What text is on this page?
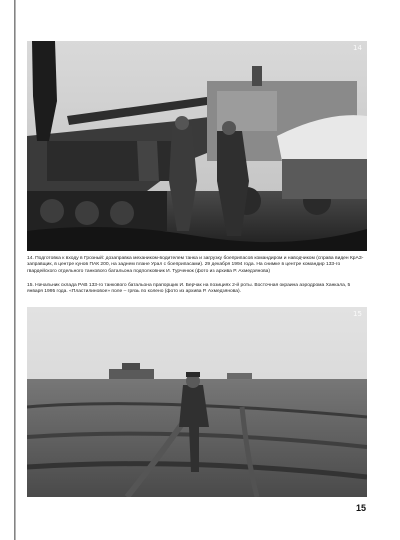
14

14. Подготовка к входу в Грозный: дозаправка механиком-водителем танка и загрузку боеприпасов командиром и наводчиком (справа виден КрАЗ-заправщик, в центре кунов ПАК 200, на заднем плане Урал с боеприпасами). 29 декабря 1994 года. На снимке в центре командир 133-го гвардейского отдельного танкового батальона подполковник И. Турченюк (фото из архива Р. Ахмедзянова)

15. Начальник склада РАВ 133-го танкового батальона прапорщик И. Берчак на позициях 2-й роты. Восточная окраина аэродрома Ханкала, 5 января 1995 года. «Пластилиновое» поле – грязь по колено (фото из архива Р. Ахмедзянова).

15
15
